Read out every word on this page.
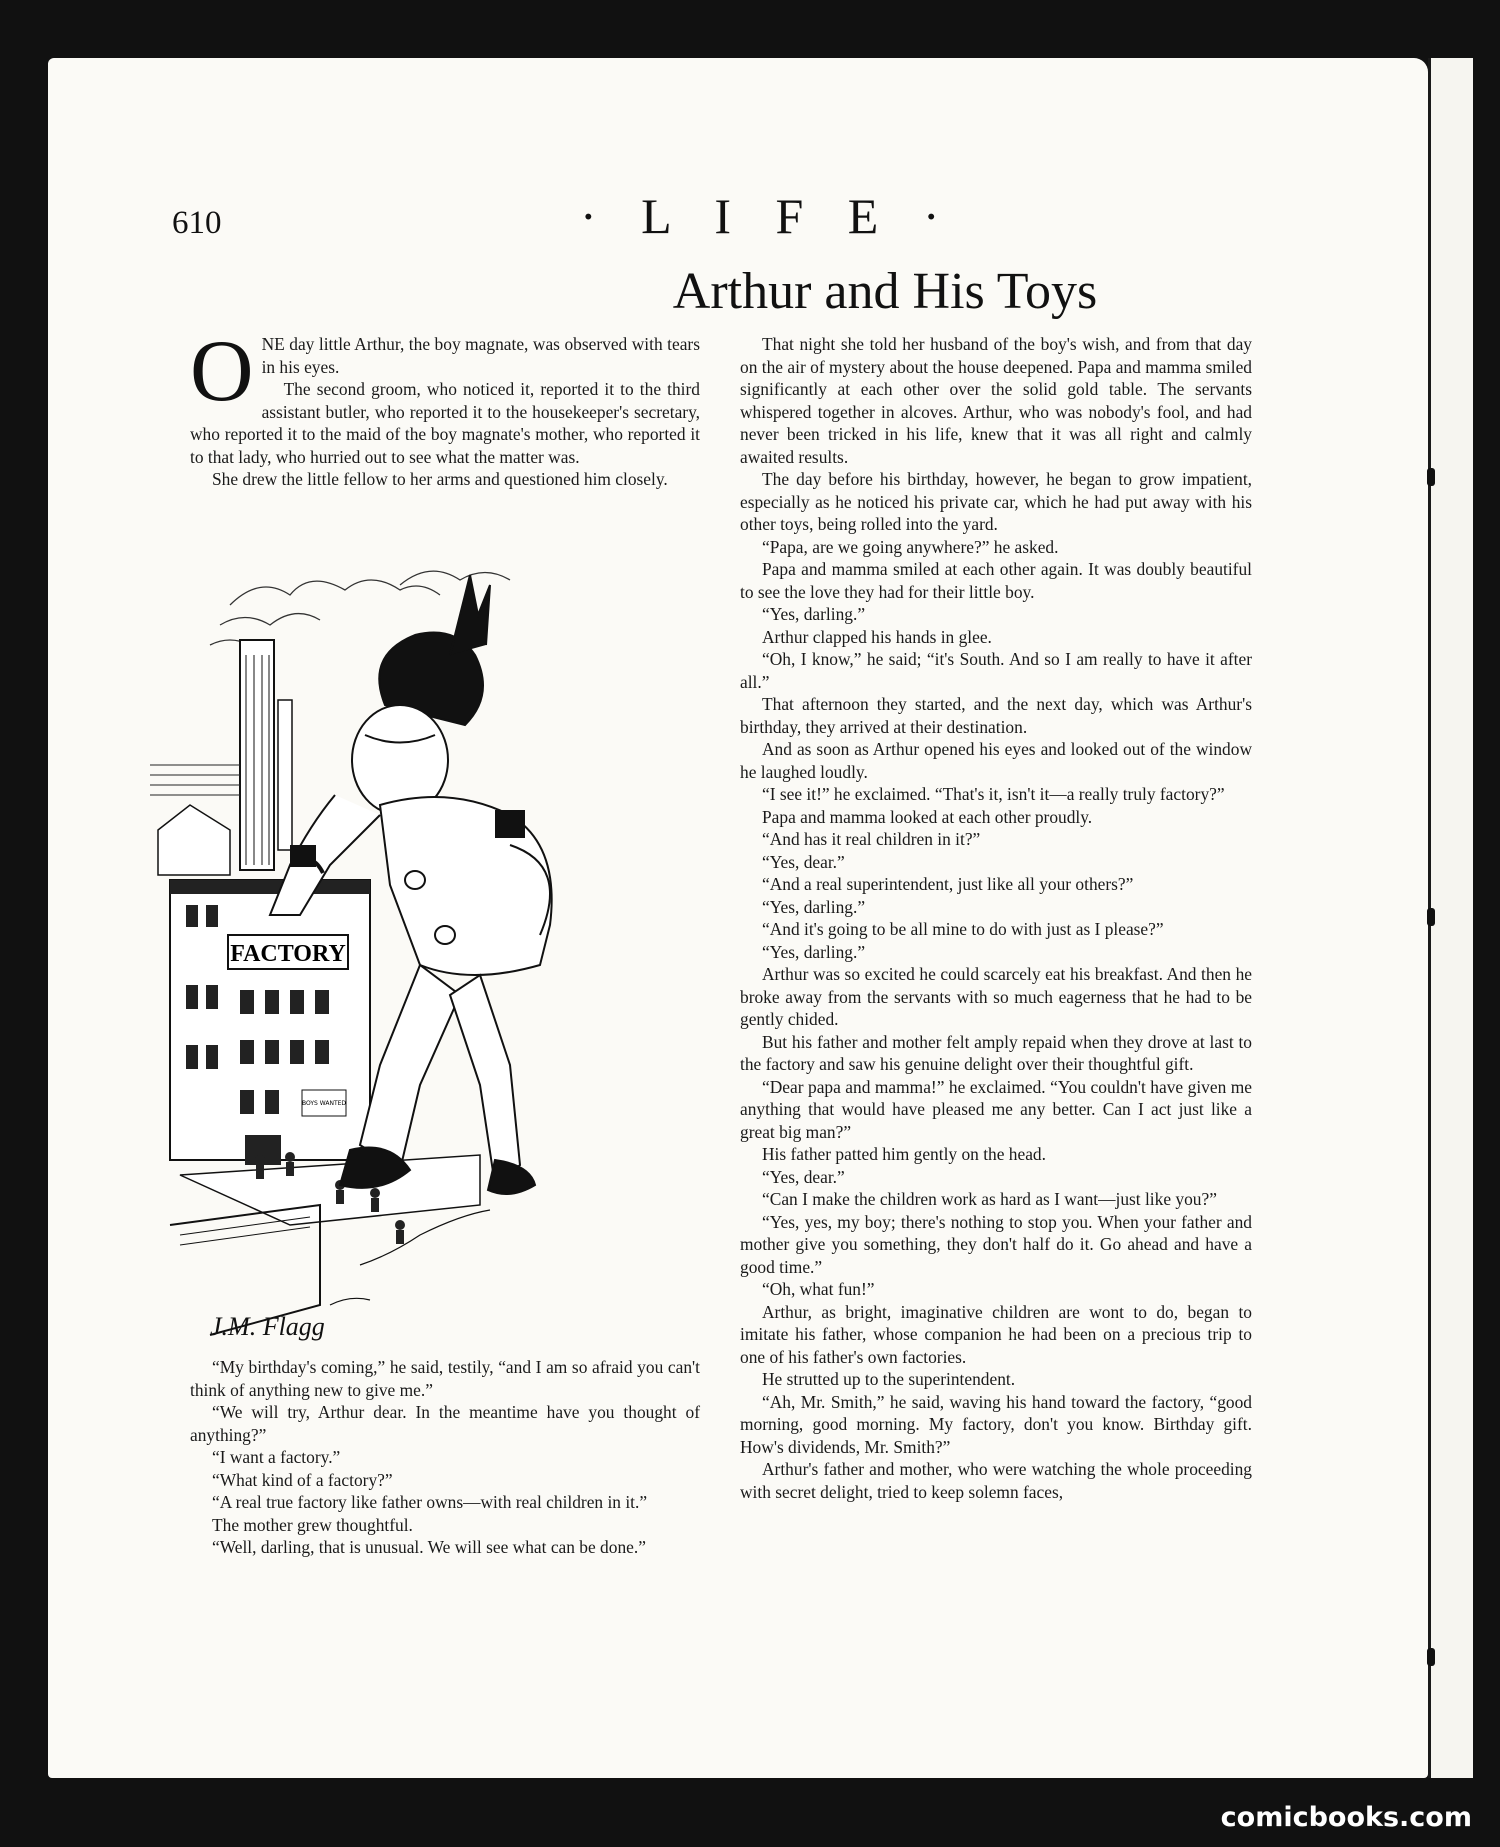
610	· L I F E ·
Arthur and His Toys

ONE day little Arthur, the boy magnate, was observed with tears in his eyes.

The second groom, who noticed it, reported it to the third assistant butler, who reported it to the housekeeper's secretary, who reported it to the maid of the boy magnate's mother, who reported it to that lady, who hurried out to see what the matter was.

She drew the little fellow to her arms and questioned him closely.

FACTORY
BOYS WANTED
J.M. Flagg

“My birthday's coming,” he said, testily, “and I am so afraid you can't think of anything new to give me.”

“We will try, Arthur dear. In the meantime have you thought of anything?”

“I want a factory.”

“What kind of a factory?”

“A real true factory like father owns—with real children in it.”

The mother grew thoughtful.

“Well, darling, that is unusual. We will see what can be done.”

That night she told her husband of the boy's wish, and from that day on the air of mystery about the house deepened. Papa and mamma smiled significantly at each other over the solid gold table. The servants whispered together in alcoves. Arthur, who was nobody's fool, and had never been tricked in his life, knew that it was all right and calmly awaited results.

The day before his birthday, however, he began to grow impatient, especially as he noticed his private car, which he had put away with his other toys, being rolled into the yard.

“Papa, are we going anywhere?” he asked.

Papa and mamma smiled at each other again. It was doubly beautiful to see the love they had for their little boy.

“Yes, darling.”

Arthur clapped his hands in glee.

“Oh, I know,” he said; “it's South. And so I am really to have it after all.”

That afternoon they started, and the next day, which was Arthur's birthday, they arrived at their destination.

And as soon as Arthur opened his eyes and looked out of the window he laughed loudly.

“I see it!” he exclaimed. “That's it, isn't it—a really truly factory?”

Papa and mamma looked at each other proudly.

“And has it real children in it?”

“Yes, dear.”

“And a real superintendent, just like all your others?”

“Yes, darling.”

“And it's going to be all mine to do with just as I please?”

“Yes, darling.”

Arthur was so excited he could scarcely eat his breakfast. And then he broke away from the servants with so much eagerness that he had to be gently chided.

But his father and mother felt amply repaid when they drove at last to the factory and saw his genuine delight over their thoughtful gift.

“Dear papa and mamma!” he exclaimed. “You couldn't have given me anything that would have pleased me any better. Can I act just like a great big man?”

His father patted him gently on the head.

“Yes, dear.”

“Can I make the children work as hard as I want—just like you?”

“Yes, yes, my boy; there's nothing to stop you. When your father and mother give you something, they don't half do it. Go ahead and have a good time.”

“Oh, what fun!”

Arthur, as bright, imaginative children are wont to do, began to imitate his father, whose companion he had been on a precious trip to one of his father's own factories.

He strutted up to the superintendent.

“Ah, Mr. Smith,” he said, waving his hand toward the factory, “good morning, good morning. My factory, don't you know. Birthday gift. How's dividends, Mr. Smith?”

Arthur's father and mother, who were watching the whole proceeding with secret delight, tried to keep solemn faces,

comicbooks.com
